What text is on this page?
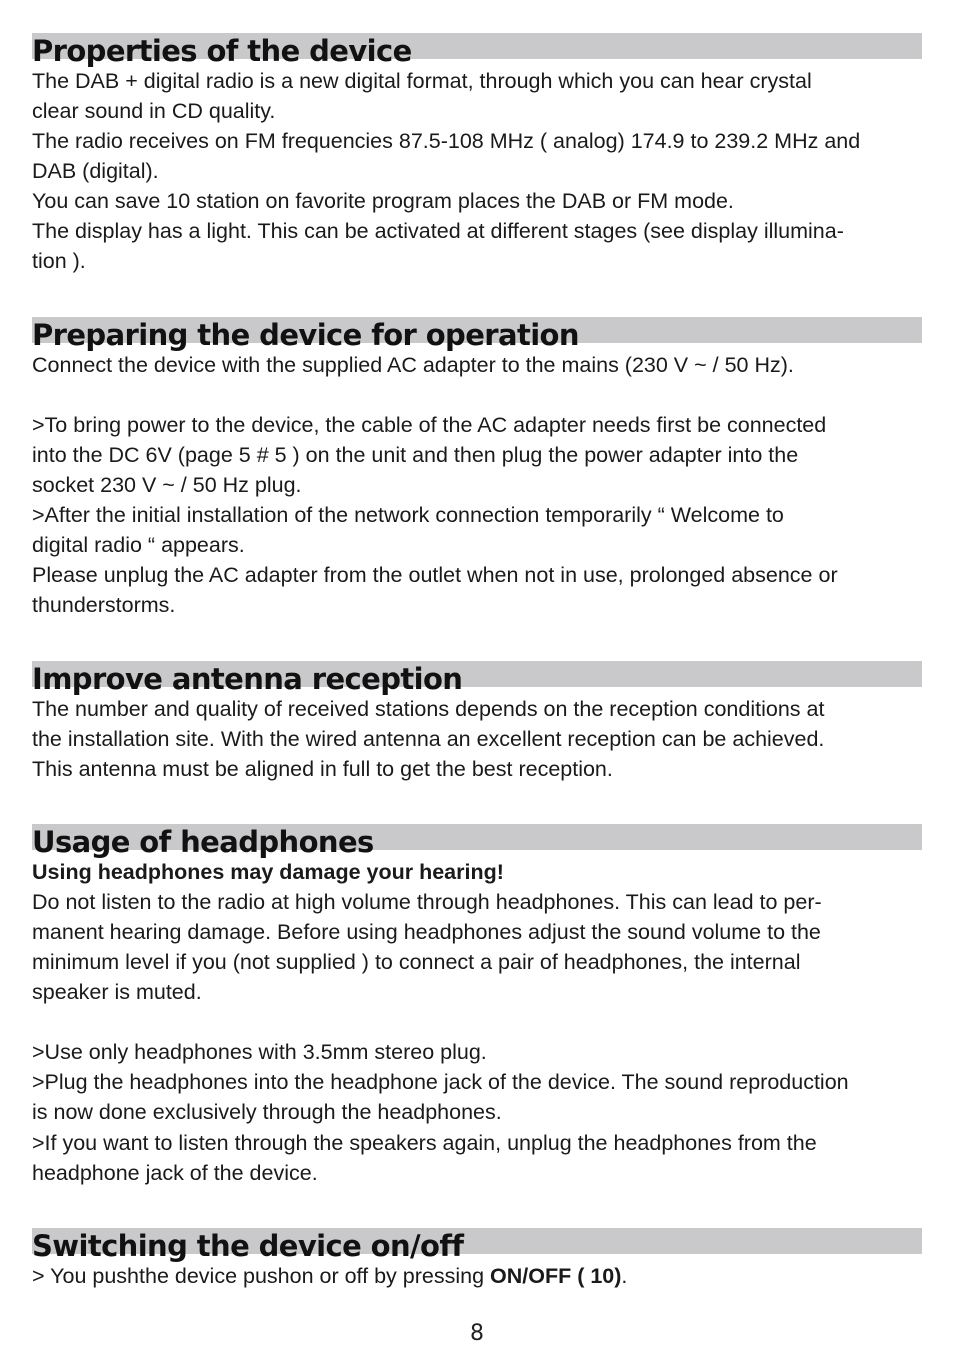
Properties of the device

The DAB + digital radio is a new digital format, through which you can hear crystal

clear sound in CD quality.

The radio receives on FM frequencies 87.5-108 MHz ( analog) 174.9 to 239.2 MHz and

DAB (digital).

You can save 10 station on favorite program places the DAB or FM mode.

The display has a light. This can be activated at different stages (see display illumina-

tion ).

Preparing the device for operation

Connect the device with the supplied AC adapter to the mains (230 V ~ / 50 Hz).

>To bring power to the device, the cable of the AC adapter needs first be connected

into the DC 6V (page 5 # 5 ) on the unit and then plug the power adapter into the

socket 230 V ~ / 50 Hz plug.

>After the initial installation of the network connection temporarily “ Welcome to

digital radio “ appears.

Please unplug the AC adapter from the outlet when not in use, prolonged absence or

thunderstorms.

Improve antenna reception

The number and quality of received stations depends on the reception conditions at

the installation site. With the wired antenna an excellent reception can be achieved.

This antenna must be aligned in full to get the best reception.

Usage of headphones

Using headphones may damage your hearing!

Do not listen to the radio at high volume through headphones. This can lead to per-

manent hearing damage. Before using headphones adjust the sound volume to the

minimum level if you (not supplied ) to connect a pair of headphones, the internal

speaker is muted.

>Use only headphones with 3.5mm stereo plug.

>Plug the headphones into the headphone jack of the device. The sound reproduction

is now done exclusively through the headphones.

>If you want to listen through the speakers again, unplug the headphones from the

headphone jack of the device.

Switching the device on/off

> You pushthe device pushon or off by pressing ON/OFF ( 10).

8
